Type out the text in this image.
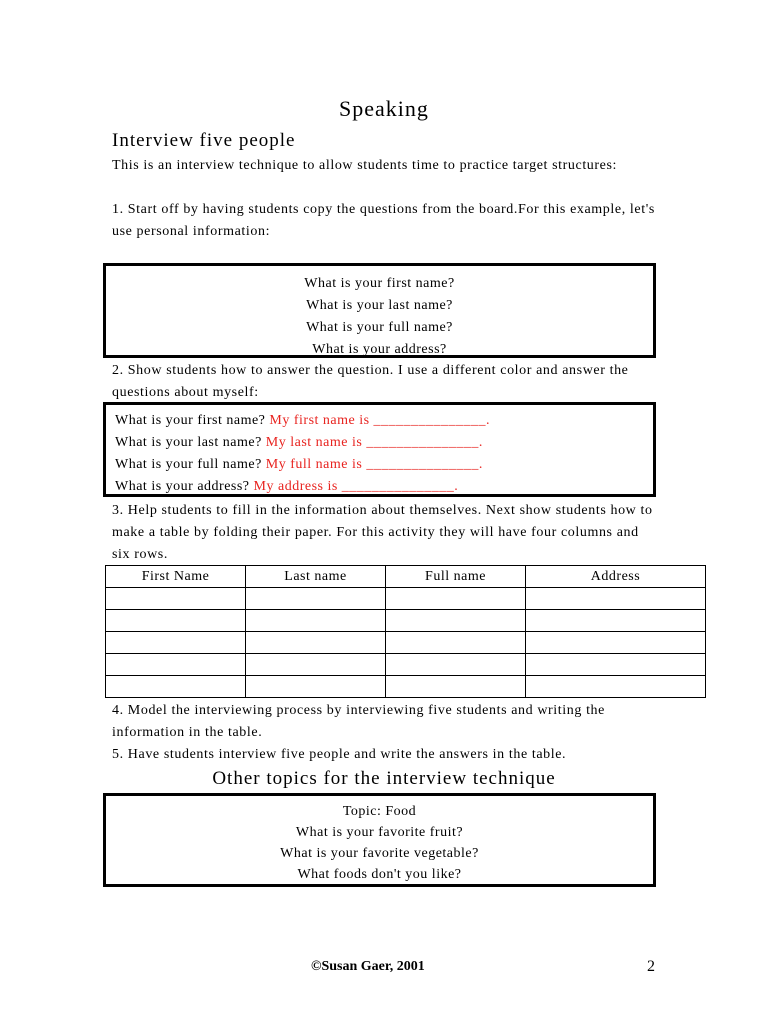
Speaking
Interview five people

This is an interview technique to allow students time to practice target structures:

1. Start off by having students copy the questions from the board.For this example, let's use personal information:

What is your first name?
What is your last name?
What is your full name?
What is your address?

2. Show students how to answer the question. I use a different color and answer the questions about myself:

What is your first name? My first name is _______________.
What is your last name? My last name is _______________.
What is your full name? My full name is _______________.
What is your address? My address is _______________.

3. Help students to fill in the information about themselves. Next show students how to make a table by folding their paper. For this activity they will have four columns and six rows.

First Name	Last name	Full name	Address

4. Model the interviewing process by interviewing five students and writing the information in the table.
5. Have students interview five people and write the answers in the table.

Other topics for the interview technique
Topic: Food
What is your favorite fruit?
What is your favorite vegetable?
What foods don't you like?
©Susan Gaer, 2001	2
